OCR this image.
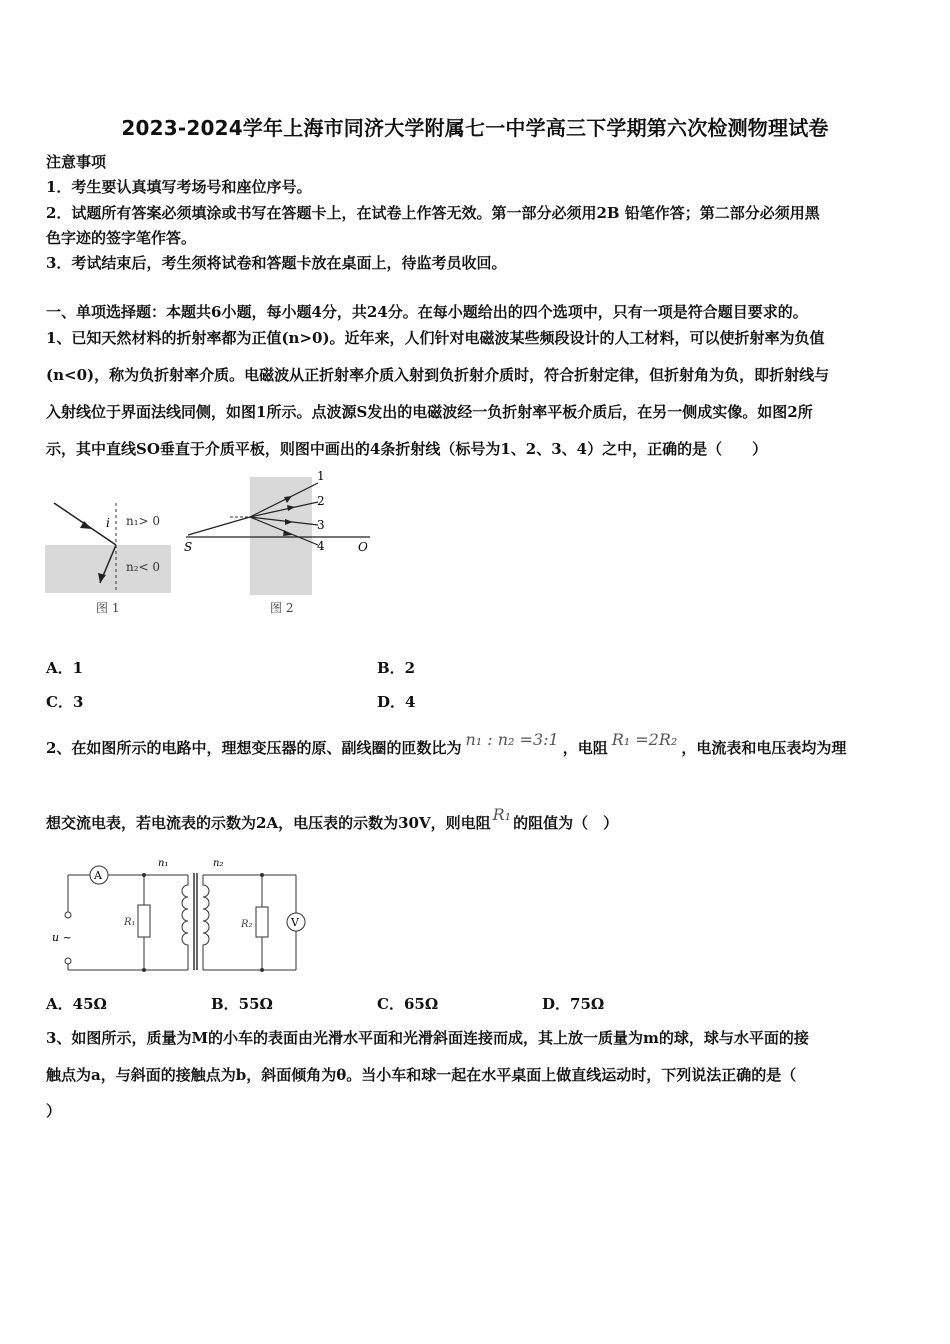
2023-2024学年上海市同济大学附属七一中学高三下学期第六次检测物理试卷
注意事项
1．考生要认真填写考场号和座位序号。
2．试题所有答案必须填涂或书写在答题卡上，在试卷上作答无效。第一部分必须用2B 铅笔作答；第二部分必须用黑
色字迹的签字笔作答。
3．考试结束后，考生须将试卷和答题卡放在桌面上，待监考员收回。
一、单项选择题：本题共6小题，每小题4分，共24分。在每小题给出的四个选项中，只有一项是符合题目要求的。
1、已知天然材料的折射率都为正值(n>0)。近年来，人们针对电磁波某些频段设计的人工材料，可以使折射率为负值
(n<0)，称为负折射率介质。电磁波从正折射率介质入射到负折射介质时，符合折射定律，但折射角为负，即折射线与
入射线位于界面法线同侧，如图1所示。点波源S发出的电磁波经一负折射率平板介质后，在另一侧成实像。如图2所
示，其中直线SO垂直于介质平板，则图中画出的4条折射线（标号为1、2、3、4）之中，正确的是（　　）
i n₁> 0
n₂< 0
图 1
1
2
3
4
S	O
图 2
A．1	B．2
C．3	D．4
2、在如图所示的电路中，理想变压器的原、副线圈的匝数比为 n₁ : n₂ =3:1 ，电阻 R₁ =2R₂ ，电流表和电压表均为理
想交流电表，若电流表的示数为2A，电压表的示数为30V，则电阻 R₁ 的阻值为（　）
A
u ~
R₁
n₁	n₂
R₂	V
A．45Ω	B．55Ω	C．65Ω	D．75Ω
3、如图所示，质量为M的小车的表面由光滑水平面和光滑斜面连接而成，其上放一质量为m的球，球与水平面的接
触点为a，与斜面的接触点为b，斜面倾角为θ。当小车和球一起在水平桌面上做直线运动时，下列说法正确的是（
）
